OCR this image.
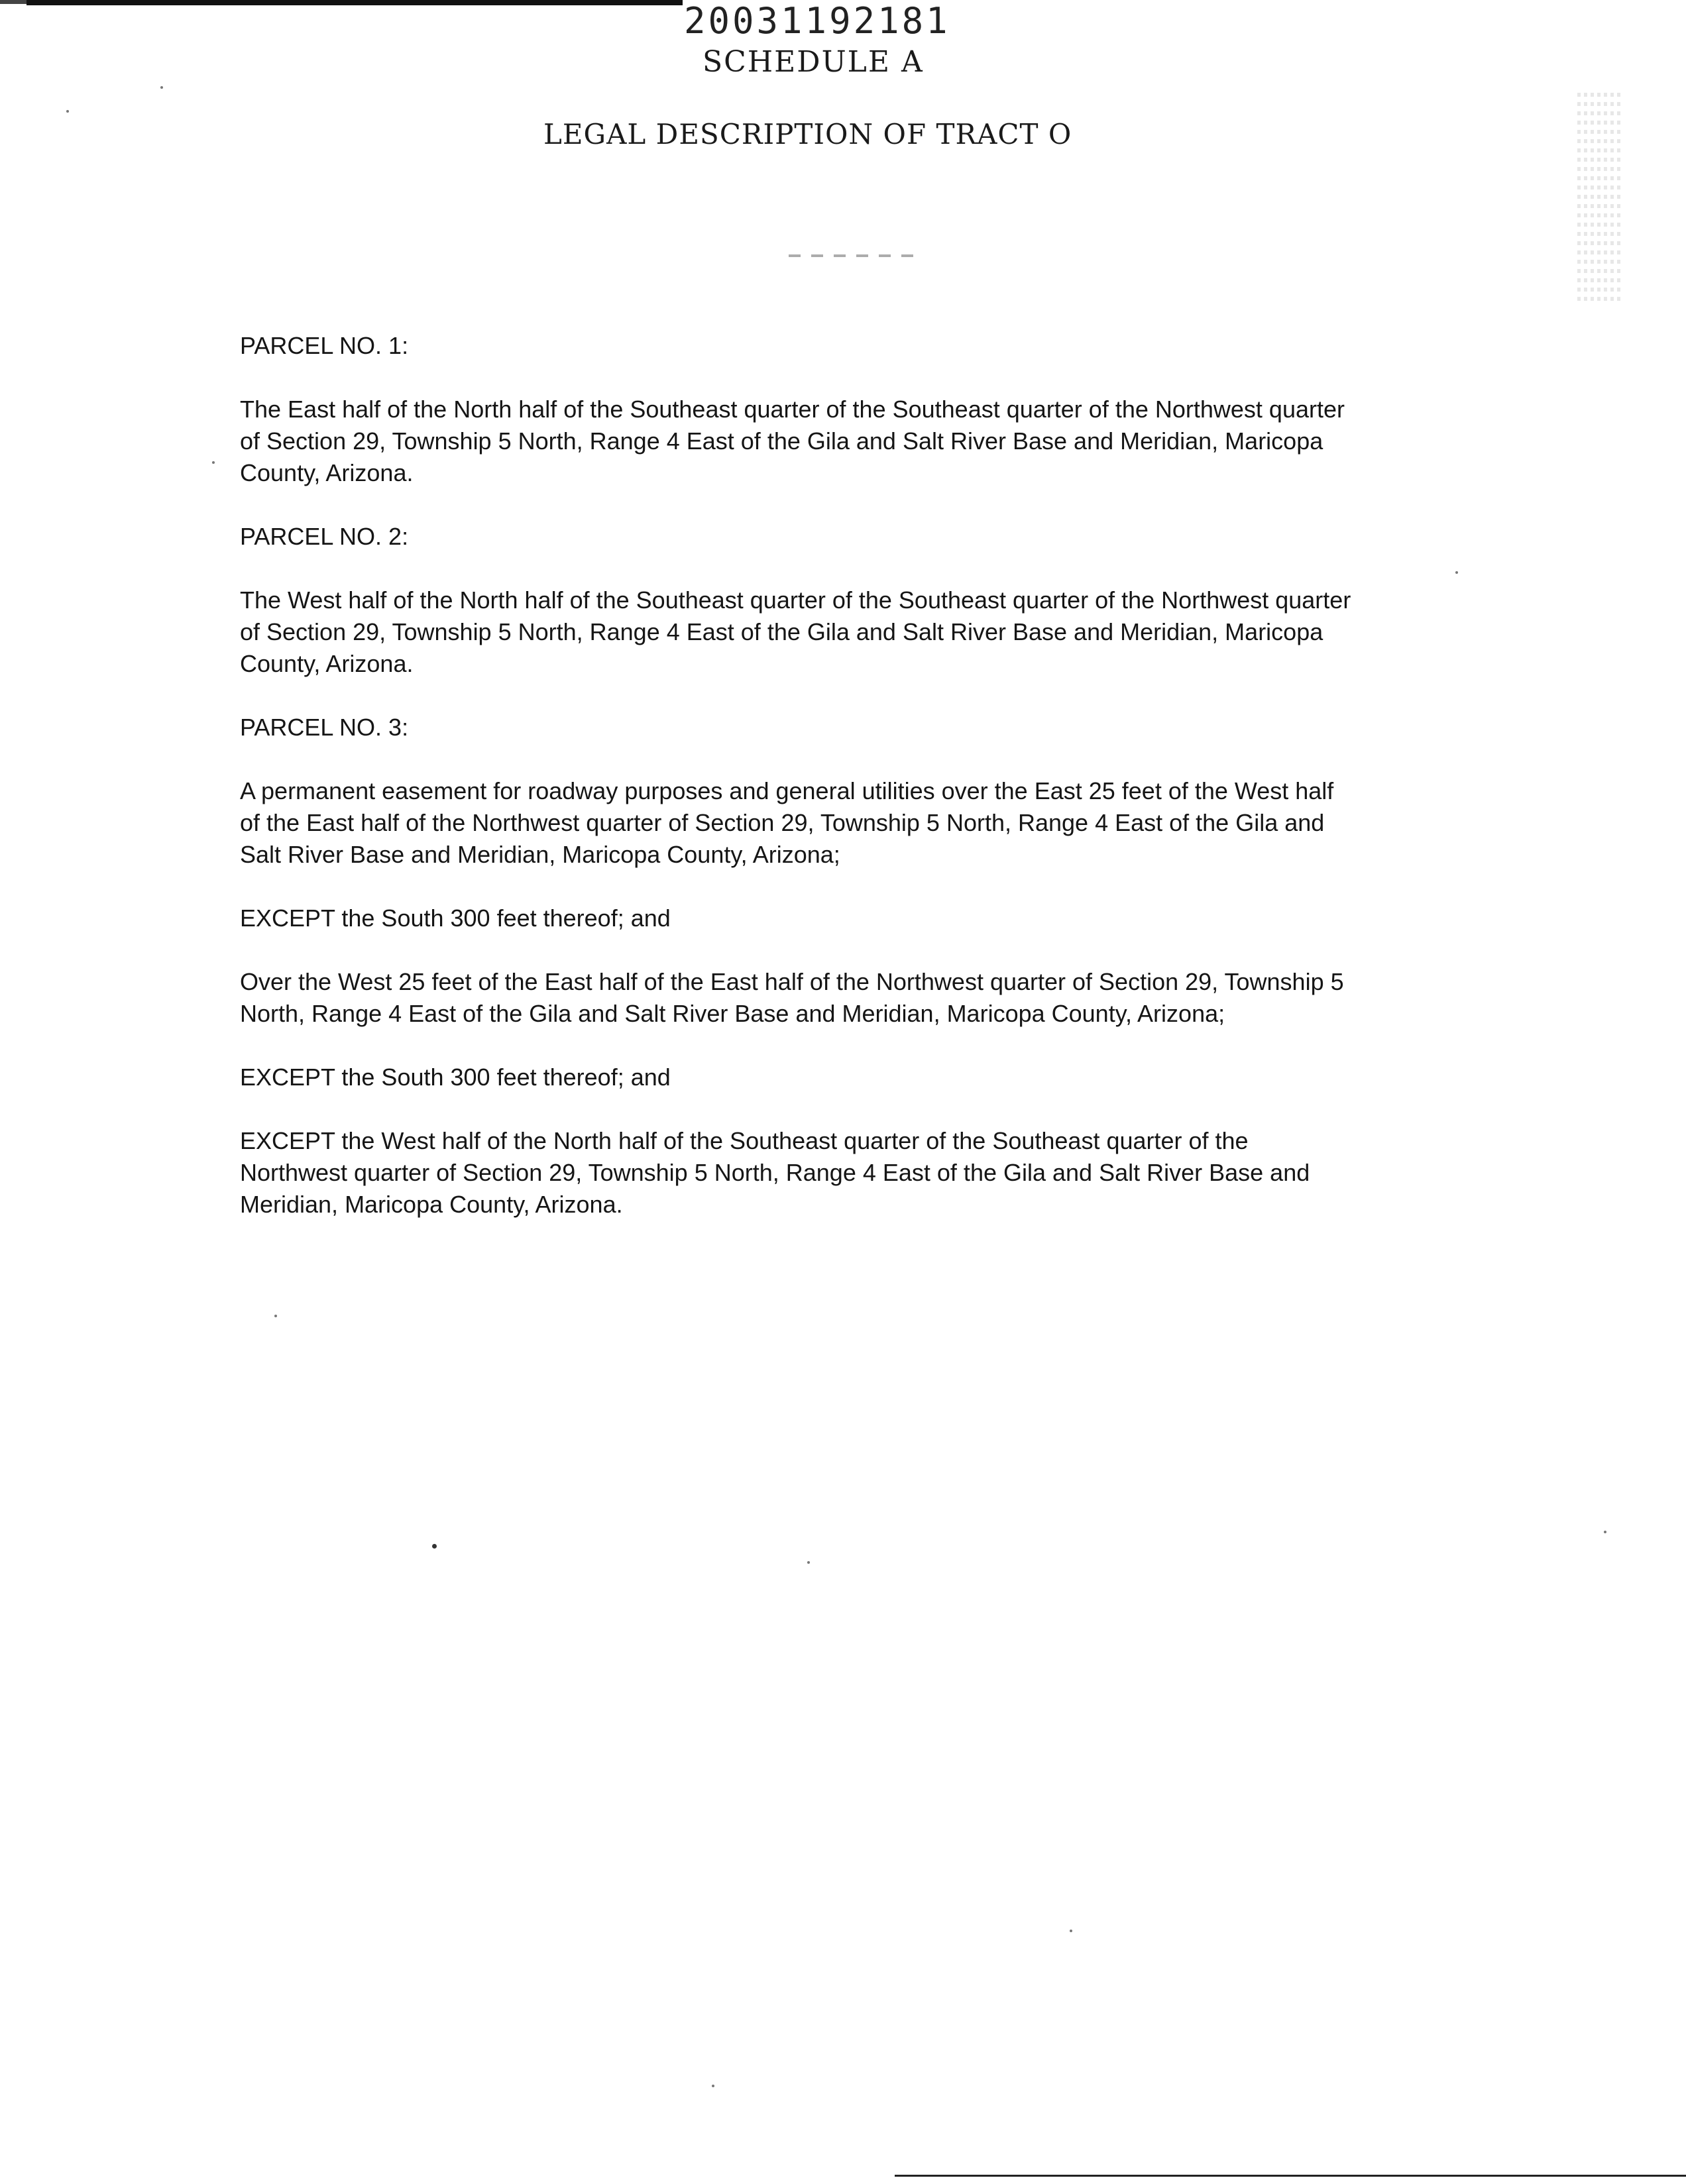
20031192181
SCHEDULE A
LEGAL DESCRIPTION OF TRACT O

PARCEL NO. 1:

The East half of the North half of the Southeast quarter of the Southeast quarter of the Northwest quarter
of Section 29, Township 5 North, Range 4 East of the Gila and Salt River Base and Meridian, Maricopa
County, Arizona.

PARCEL NO. 2:

The West half of the North half of the Southeast quarter of the Southeast quarter of the Northwest quarter
of Section 29, Township 5 North, Range 4 East of the Gila and Salt River Base and Meridian, Maricopa
County, Arizona.

PARCEL NO. 3:

A permanent easement for roadway purposes and general utilities over the East 25 feet of the West half
of the East half of the Northwest quarter of Section 29, Township 5 North, Range 4 East of the Gila and
Salt River Base and Meridian, Maricopa County, Arizona;

EXCEPT the South 300 feet thereof; and

Over the West 25 feet of the East half of the East half of the Northwest quarter of Section 29, Township 5
North, Range 4 East of the Gila and Salt River Base and Meridian, Maricopa County, Arizona;

EXCEPT the South 300 feet thereof; and

EXCEPT the West half of the North half of the Southeast quarter of the Southeast quarter of the
Northwest quarter of Section 29, Township 5 North, Range 4 East of the Gila and Salt River Base and
Meridian, Maricopa County, Arizona.
